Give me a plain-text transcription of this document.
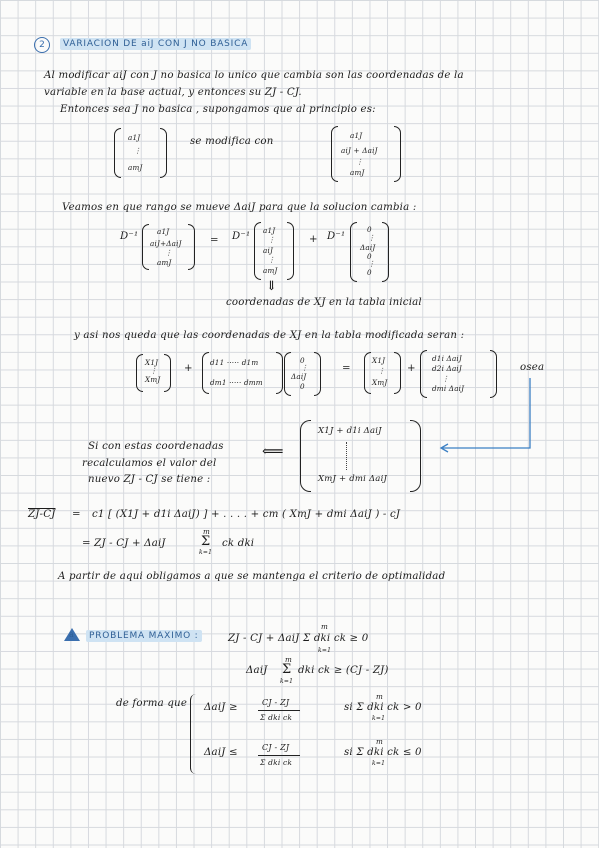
2	VARIACION DE aiJ CON J NO BASICA
Al modificar aiJ con J no basica lo unico que cambia son las coordenadas de la
variable en la base actual, y entonces su ZJ - CJ.
Entonces sea J no basica , supongamos que al principio es:
a1J
⋮
amJ
se modifica con
a1J
aiJ + ΔaiJ
⋮
amJ
Veamos en que rango se mueve ΔaiJ para que la solucion cambia :
D⁻¹	a1J
aiJ+ΔaiJ
⋮
amJ
= D⁻¹
a1J
⋮
aiJ
⋮
amJ
+ D⁻¹
0
⋮
ΔaiJ
0
⋮
0
⇓
coordenadas de XJ en la tabla inicial
y asi nos queda que las coordenadas de XJ en la tabla modificada seran :
X1J
⋮
XmJ
+
d11 ····· d1m
dm1 ····· dmm
0
⋮
ΔaiJ
0
=
X1J
⋮
XmJ
+
d1i ΔaiJ
d2i ΔaiJ
⋮
dmi ΔaiJ
osea
Si con estas coordenadas
recalculamos el valor del
nuevo ZJ - CJ se tiene :
⟸
X1J + d1i ΔaiJ
XmJ + dmi ΔaiJ
ZJ-CJ = c1 [ (X1J + d1i ΔaiJ) ] + . . . . + cm ( XmJ + dmi ΔaiJ ) - cJ
= ZJ - CJ + ΔaiJ
m
Σ
k=1
ck dki
A partir de aqui obligamos a que se mantenga el criterio de optimalidad
a	PROBLEMA MAXIMO :	ZJ - CJ + ΔaiJ Σ dki ck ≥ 0
m
k=1
ΔaiJ
m
Σ
k=1
dki ck ≥ (CJ - ZJ)
de forma que ΔaiJ ≥	CJ - ZJ
Σ dki ck
si Σ dki ck > 0
m
k=1
ΔaiJ ≤	CJ - ZJ
Σ dki ck
si Σ dki ck ≤ 0
m
k=1
